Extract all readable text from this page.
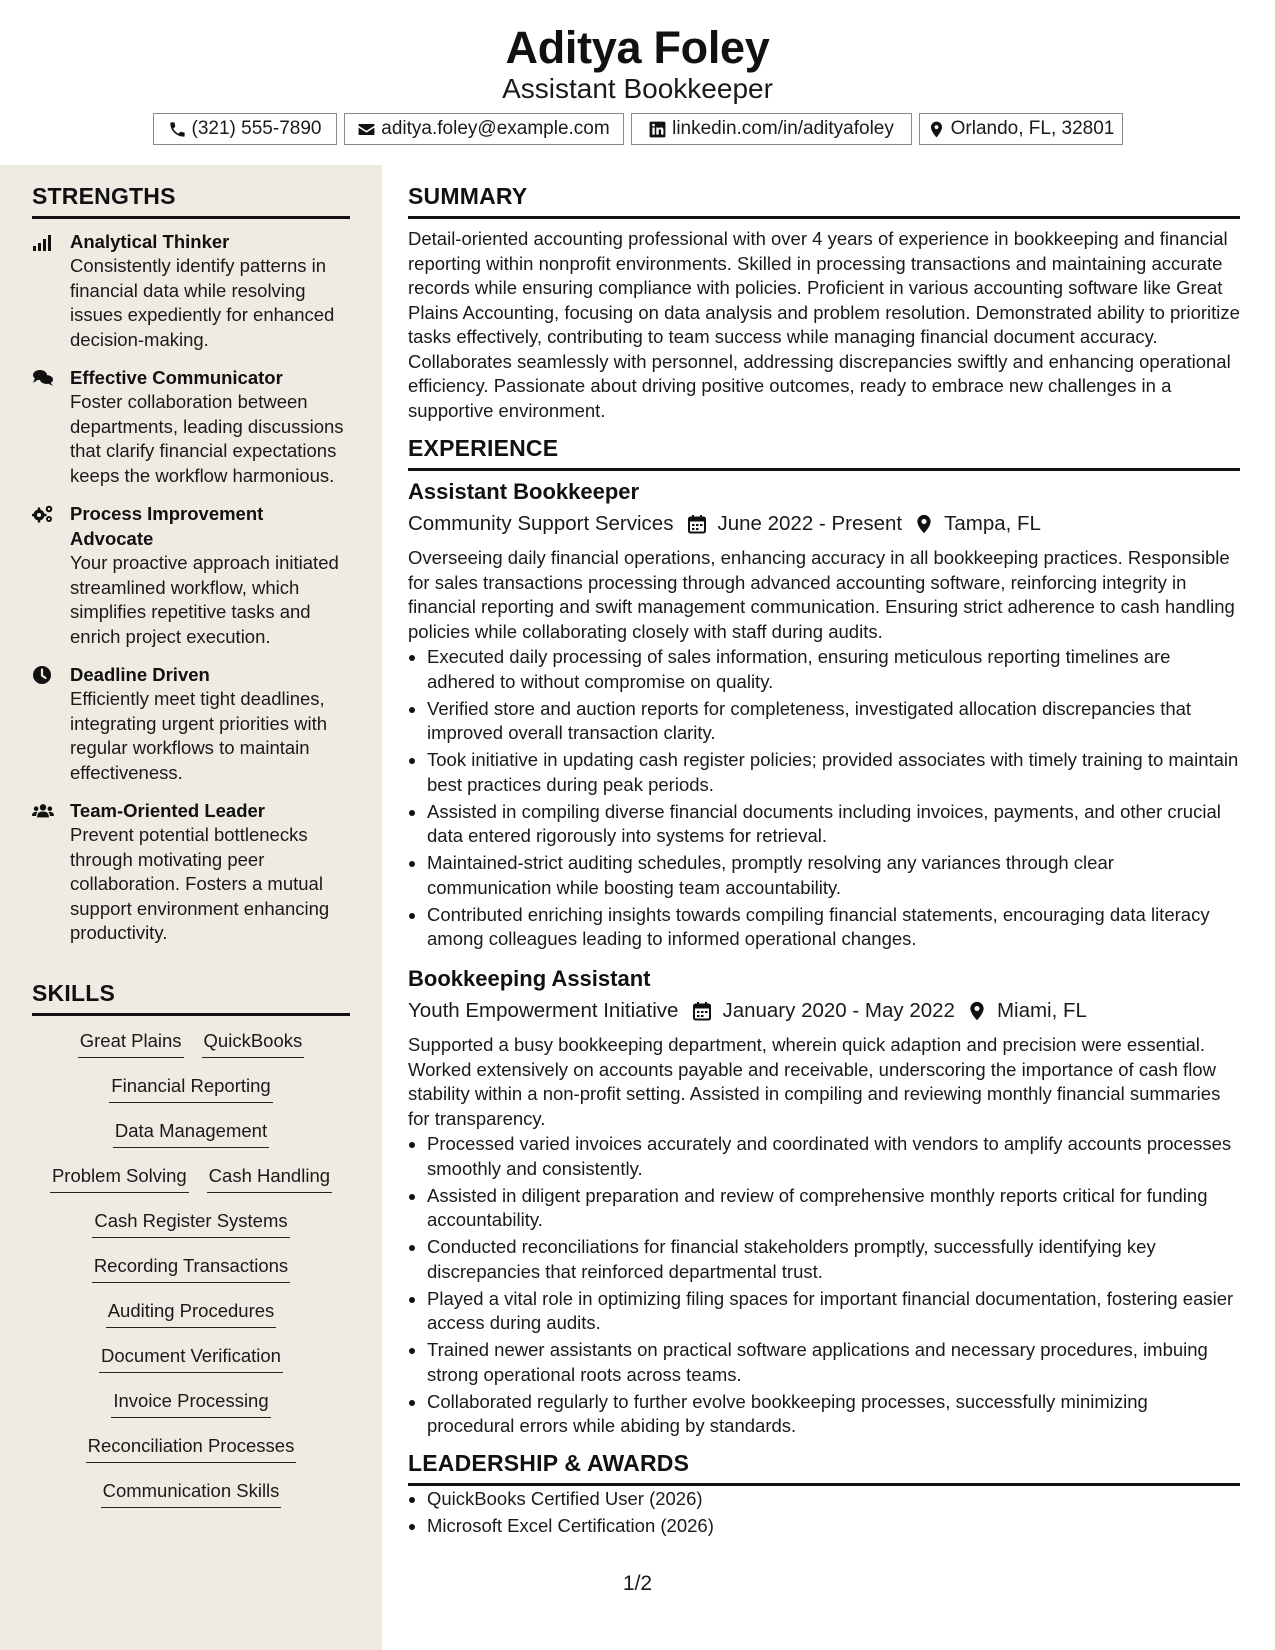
Aditya Foley
Assistant Bookkeeper
(321) 555-7890	aditya.foley@example.com	linkedin.com/in/adityafoley	Orlando, FL, 32801
STRENGTHS
Analytical Thinker
Consistently identify patterns in financial data while resolving issues expediently for enhanced decision-making.
Effective Communicator
Foster collaboration between departments, leading discussions that clarify financial expectations keeps the workflow harmonious.
Process Improvement Advocate
Your proactive approach initiated streamlined workflow, which simplifies repetitive tasks and enrich project execution.
Deadline Driven
Efficiently meet tight deadlines, integrating urgent priorities with regular workflows to maintain effectiveness.
Team-Oriented Leader
Prevent potential bottlenecks through motivating peer collaboration. Fosters a mutual support environment enhancing productivity.
SKILLS
Great Plains QuickBooks
Financial Reporting
Data Management
Problem Solving Cash Handling
Cash Register Systems
Recording Transactions
Auditing Procedures
Document Verification
Invoice Processing
Reconciliation Processes
Communication Skills
SUMMARY
Detail-oriented accounting professional with over 4 years of experience in bookkeeping and financial reporting within nonprofit environments. Skilled in processing transactions and maintaining accurate records while ensuring compliance with policies. Proficient in various accounting software like Great Plains Accounting, focusing on data analysis and problem resolution. Demonstrated ability to prioritize tasks effectively, contributing to team success while managing financial document accuracy. Collaborates seamlessly with personnel, addressing discrepancies swiftly and enhancing operational efficiency. Passionate about driving positive outcomes, ready to embrace new challenges in a supportive environment.
EXPERIENCE
Assistant Bookkeeper
Community Support Services June 2022 - Present Tampa, FL
Overseeing daily financial operations, enhancing accuracy in all bookkeeping practices. Responsible for sales transactions processing through advanced accounting software, reinforcing integrity in financial reporting and swift management communication. Ensuring strict adherence to cash handling policies while collaborating closely with staff during audits.
Executed daily processing of sales information, ensuring meticulous reporting timelines are adhered to without compromise on quality.
Verified store and auction reports for completeness, investigated allocation discrepancies that improved overall transaction clarity.
Took initiative in updating cash register policies; provided associates with timely training to maintain best practices during peak periods.
Assisted in compiling diverse financial documents including invoices, payments, and other crucial data entered rigorously into systems for retrieval.
Maintained-strict auditing schedules, promptly resolving any variances through clear communication while boosting team accountability.
Contributed enriching insights towards compiling financial statements, encouraging data literacy among colleagues leading to informed operational changes.
Bookkeeping Assistant
Youth Empowerment Initiative January 2020 - May 2022 Miami, FL
Supported a busy bookkeeping department, wherein quick adaption and precision were essential. Worked extensively on accounts payable and receivable, underscoring the importance of cash flow stability within a non-profit setting. Assisted in compiling and reviewing monthly financial summaries for transparency.
Processed varied invoices accurately and coordinated with vendors to amplify accounts processes smoothly and consistently.
Assisted in diligent preparation and review of comprehensive monthly reports critical for funding accountability.
Conducted reconciliations for financial stakeholders promptly, successfully identifying key discrepancies that reinforced departmental trust.
Played a vital role in optimizing filing spaces for important financial documentation, fostering easier access during audits.
Trained newer assistants on practical software applications and necessary procedures, imbuing strong operational roots across teams.
Collaborated regularly to further evolve bookkeeping processes, successfully minimizing procedural errors while abiding by standards.
LEADERSHIP & AWARDS
QuickBooks Certified User (2026)
Microsoft Excel Certification (2026)
1/2
